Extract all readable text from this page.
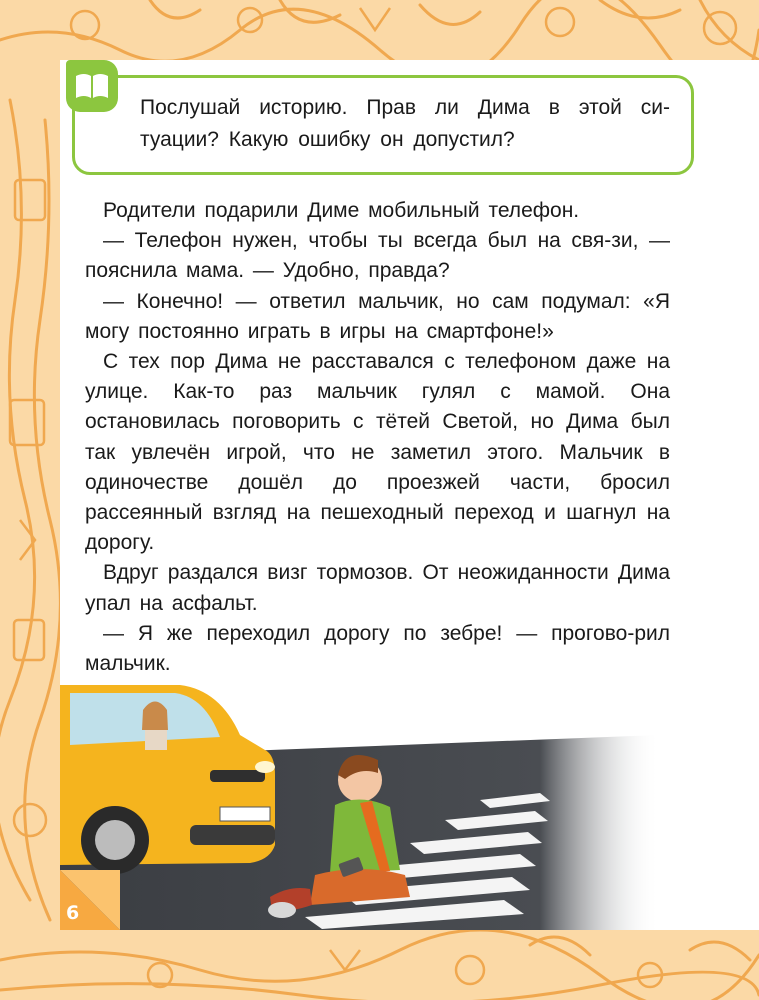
Послушай историю. Прав ли Дима в этой си-туации? Какую ошибку он допустил?

Родители подарили Диме мобильный телефон.

— Телефон нужен, чтобы ты всегда был на свя-зи, — пояснила мама. — Удобно, правда?

— Конечно! — ответил мальчик, но сам подумал: «Я могу постоянно играть в игры на смартфоне!»

С тех пор Дима не расставался с телефоном даже на улице. Как-то раз мальчик гулял с мамой. Она остановилась поговорить с тётей Светой, но Дима был так увлечён игрой, что не заметил этого. Мальчик в одиночестве дошёл до проезжей части, бросил рассеянный взгляд на пешеходный переход и шагнул на дорогу.

Вдруг раздался визг тормозов. От неожиданности Дима упал на асфальт.

— Я же переходил дорогу по зебре! — прогово-рил мальчик.

6
